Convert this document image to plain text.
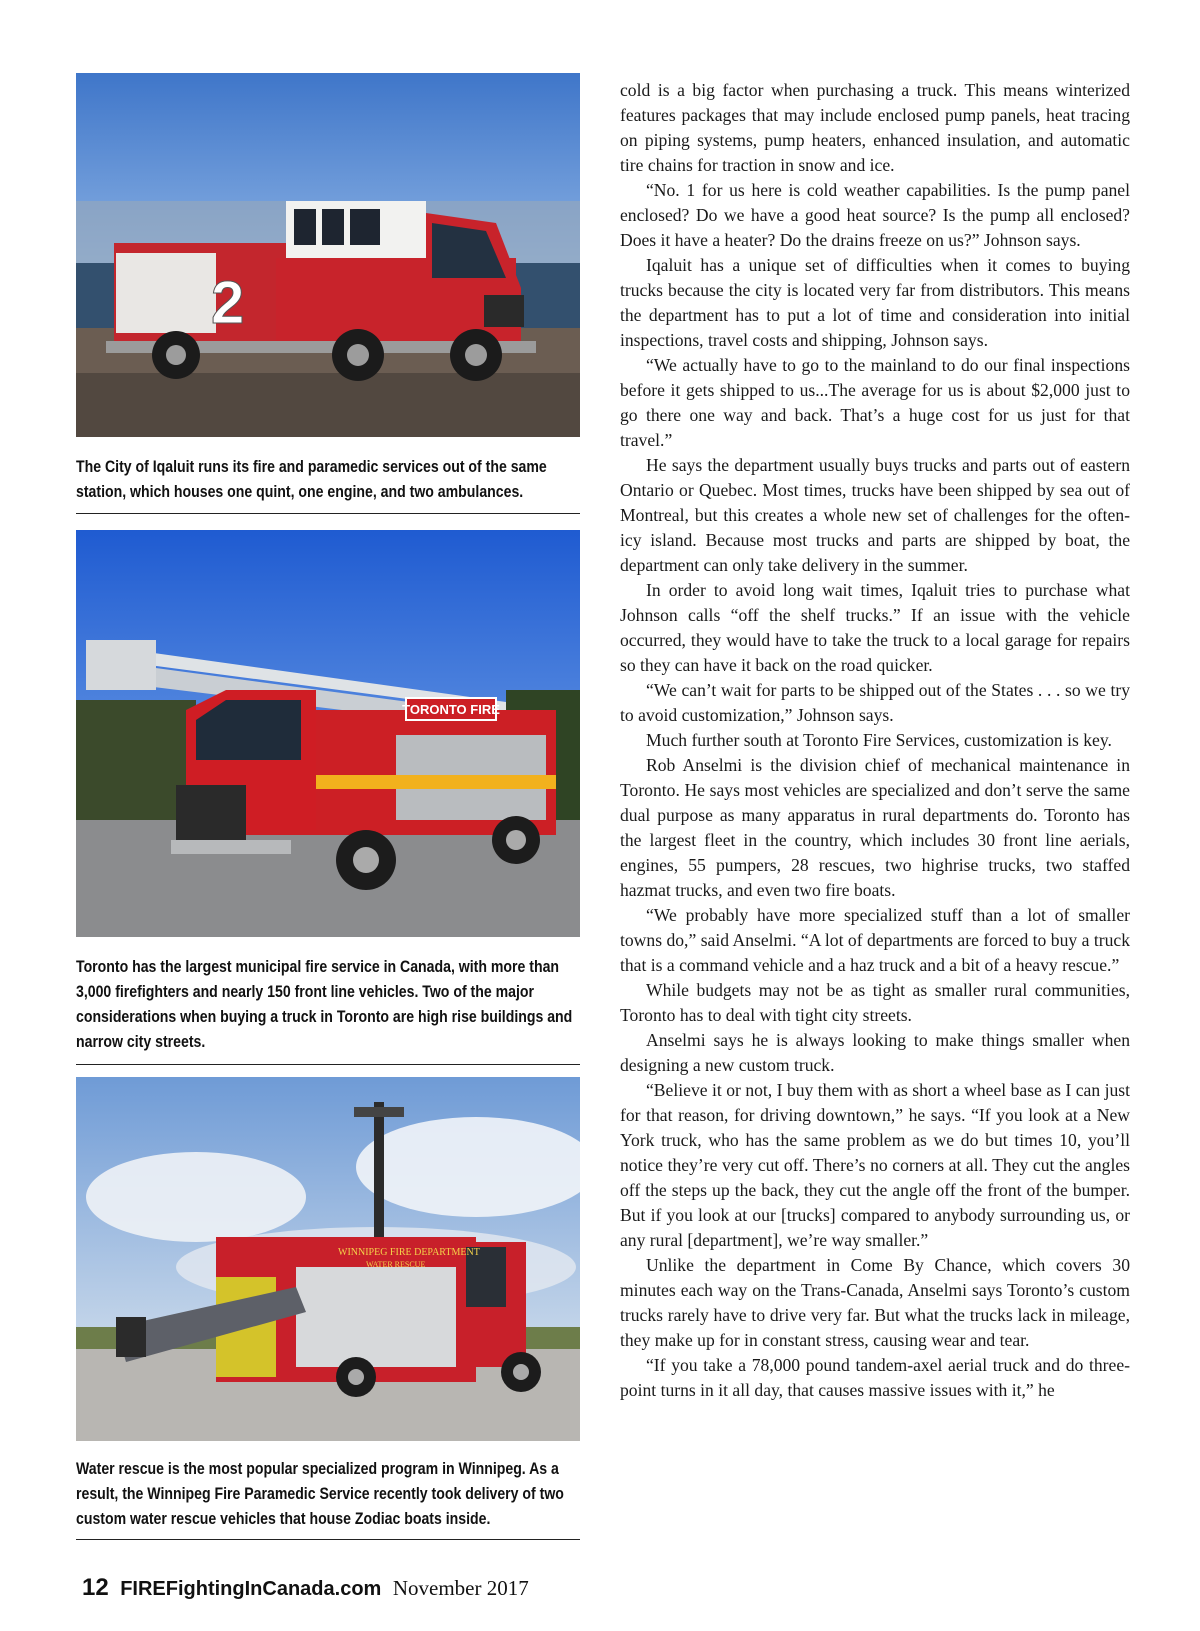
2
The City of Iqaluit runs its fire and paramedic services out of the same station, which houses one quint, one engine, and two ambulances.
TORONTO FIRE
Toronto has the largest municipal fire service in Canada, with more than 3,000 firefighters and nearly 150 front line vehicles. Two of the major considerations when buying a truck in Toronto are high rise buildings and narrow city streets.
WINNIPEG FIRE DEPARTMENT
WATER RESCUE
Water rescue is the most popular specialized program in Winnipeg. As a result, the Winnipeg Fire Paramedic Service recently took delivery of two custom water rescue vehicles that house Zodiac boats inside.

cold is a big factor when purchasing a truck. This means winterized features packages that may include enclosed pump panels, heat tracing on piping systems, pump heaters, enhanced insulation, and automatic tire chains for traction in snow and ice.

“No. 1 for us here is cold weather capabilities. Is the pump panel enclosed? Do we have a good heat source? Is the pump all enclosed? Does it have a heater? Do the drains freeze on us?” Johnson says.

Iqaluit has a unique set of difficulties when it comes to buying trucks because the city is located very far from distributors. This means the department has to put a lot of time and consideration into initial inspections, travel costs and shipping, Johnson says.

“We actually have to go to the mainland to do our final inspections before it gets shipped to us...The average for us is about $2,000 just to go there one way and back. That’s a huge cost for us just for that travel.”

He says the department usually buys trucks and parts out of eastern Ontario or Quebec. Most times, trucks have been shipped by sea out of Montreal, but this creates a whole new set of challenges for the often-icy island. Because most trucks and parts are shipped by boat, the department can only take delivery in the summer.

In order to avoid long wait times, Iqaluit tries to purchase what Johnson calls “off the shelf trucks.” If an issue with the vehicle occurred, they would have to take the truck to a local garage for repairs so they can have it back on the road quicker.

“We can’t wait for parts to be shipped out of the States . . . so we try to avoid customization,” Johnson says.

Much further south at Toronto Fire Services, customization is key.

Rob Anselmi is the division chief of mechanical maintenance in Toronto. He says most vehicles are specialized and don’t serve the same dual purpose as many apparatus in rural departments do. Toronto has the largest fleet in the country, which includes 30 front line aerials, engines, 55 pumpers, 28 rescues, two highrise trucks, two staffed hazmat trucks, and even two fire boats.

“We probably have more specialized stuff than a lot of smaller towns do,” said Anselmi. “A lot of departments are forced to buy a truck that is a command vehicle and a haz truck and a bit of a heavy rescue.”

While budgets may not be as tight as smaller rural communities, Toronto has to deal with tight city streets.

Anselmi says he is always looking to make things smaller when designing a new custom truck.

“Believe it or not, I buy them with as short a wheel base as I can just for that reason, for driving downtown,” he says. “If you look at a New York truck, who has the same problem as we do but times 10, you’ll notice they’re very cut off. There’s no corners at all. They cut the angles off the steps up the back, they cut the angle off the front of the bumper. But if you look at our [trucks] compared to anybody surrounding us, or any rural [department], we’re way smaller.”

Unlike the department in Come By Chance, which covers 30 minutes each way on the Trans-Canada, Anselmi says Toronto’s custom trucks rarely have to drive very far. But what the trucks lack in mileage, they make up for in constant stress, causing wear and tear.

“If you take a 78,000 pound tandem-axel aerial truck and do three-point turns in it all day, that causes massive issues with it,” he

12 FIREFightingInCanada.com November 2017
